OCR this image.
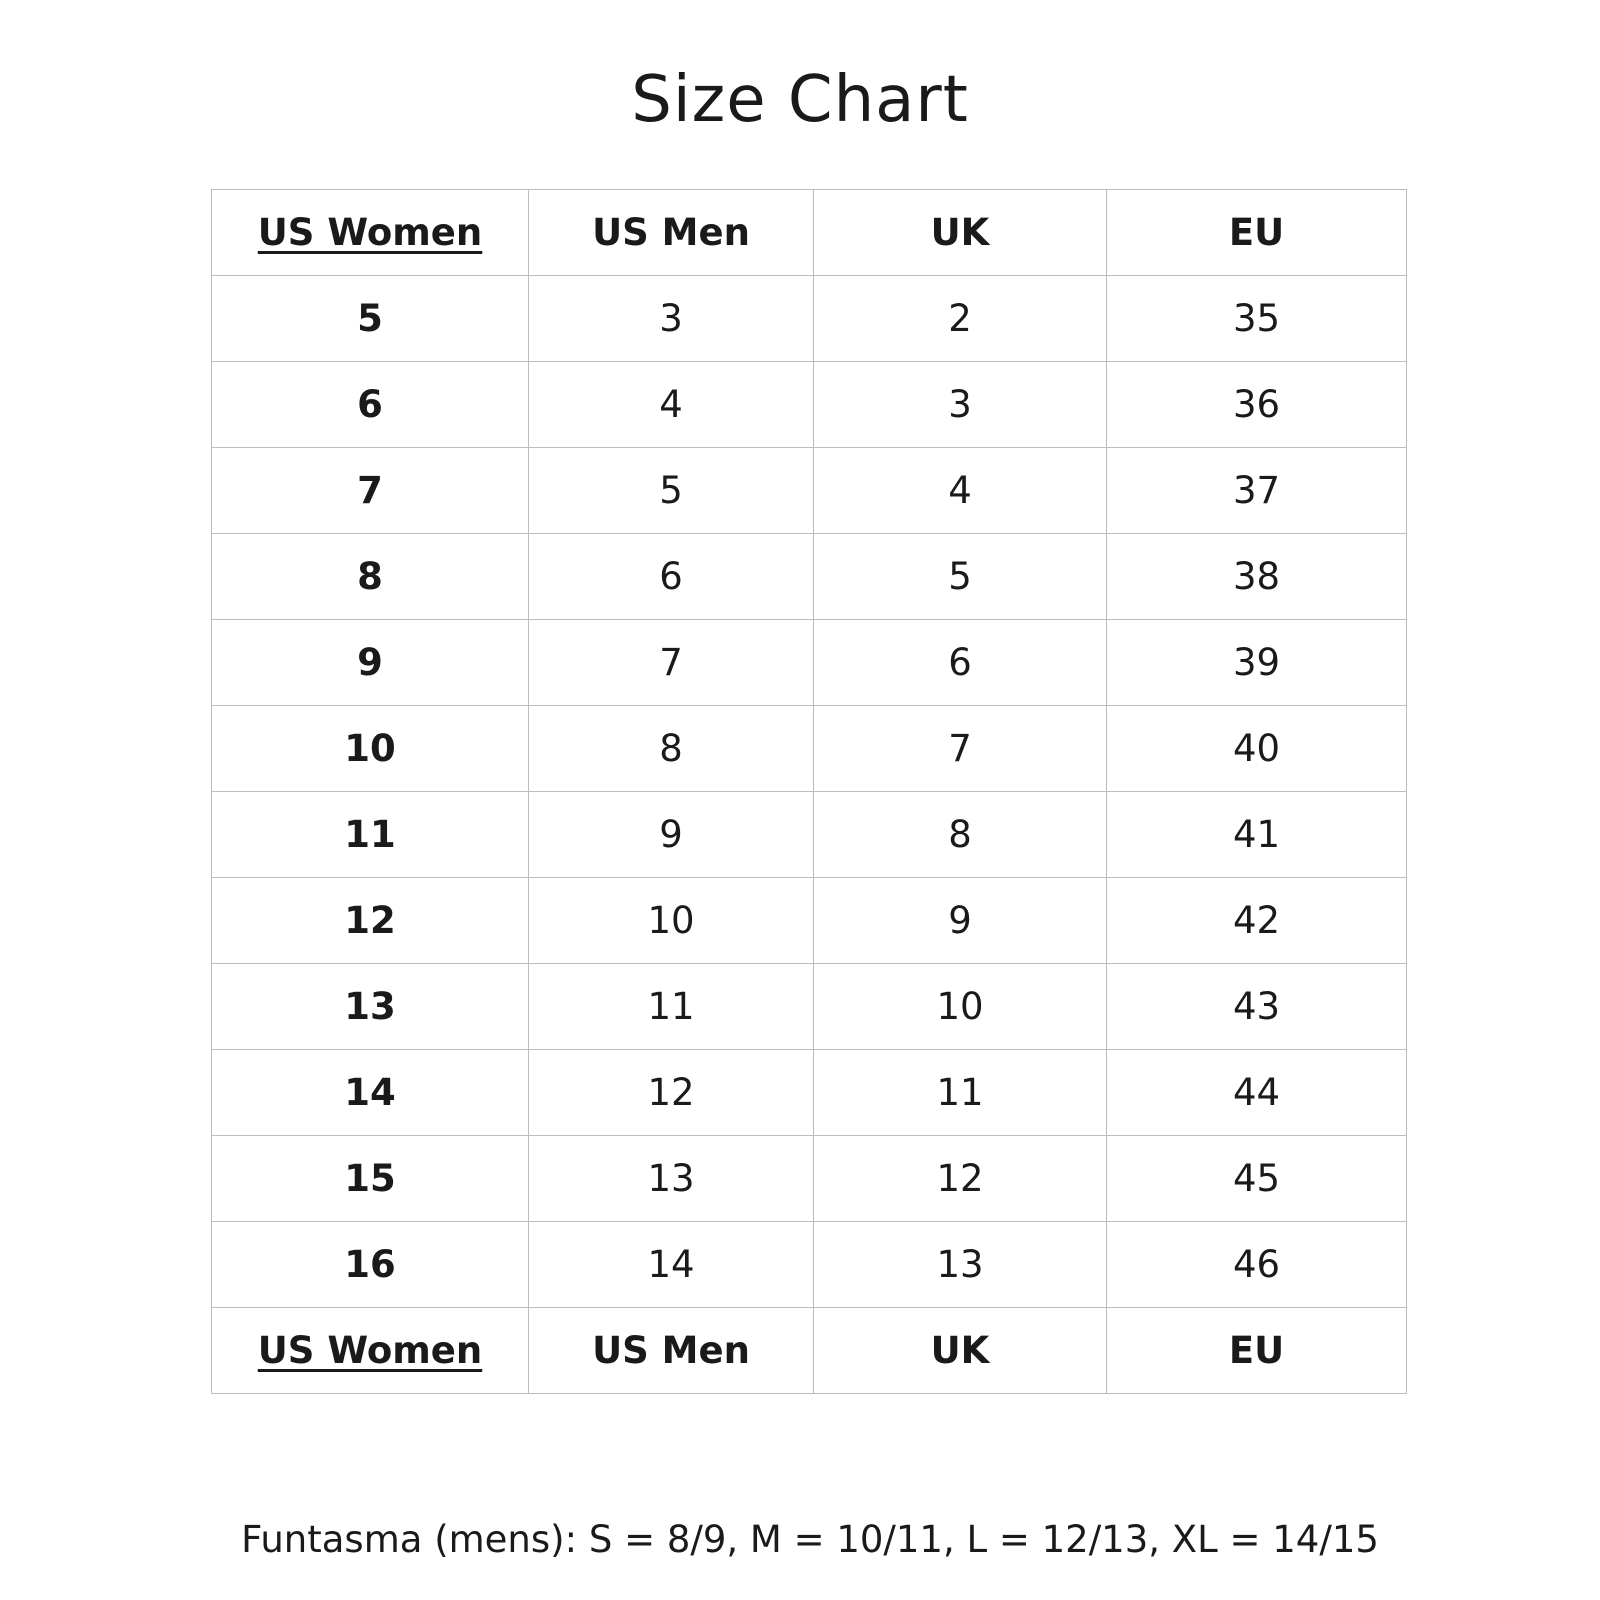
Size Chart
US Women	US Men	UK	EU
5	3	2	35
6	4	3	36
7	5	4	37
8	6	5	38
9	7	6	39
10	8	7	40
11	9	8	41
12	10	9	42
13	11	10	43
14	12	11	44
15	13	12	45
16	14	13	46
US Women	US Men	UK	EU
Funtasma (mens): S = 8/9, M = 10/11, L = 12/13, XL = 14/15
